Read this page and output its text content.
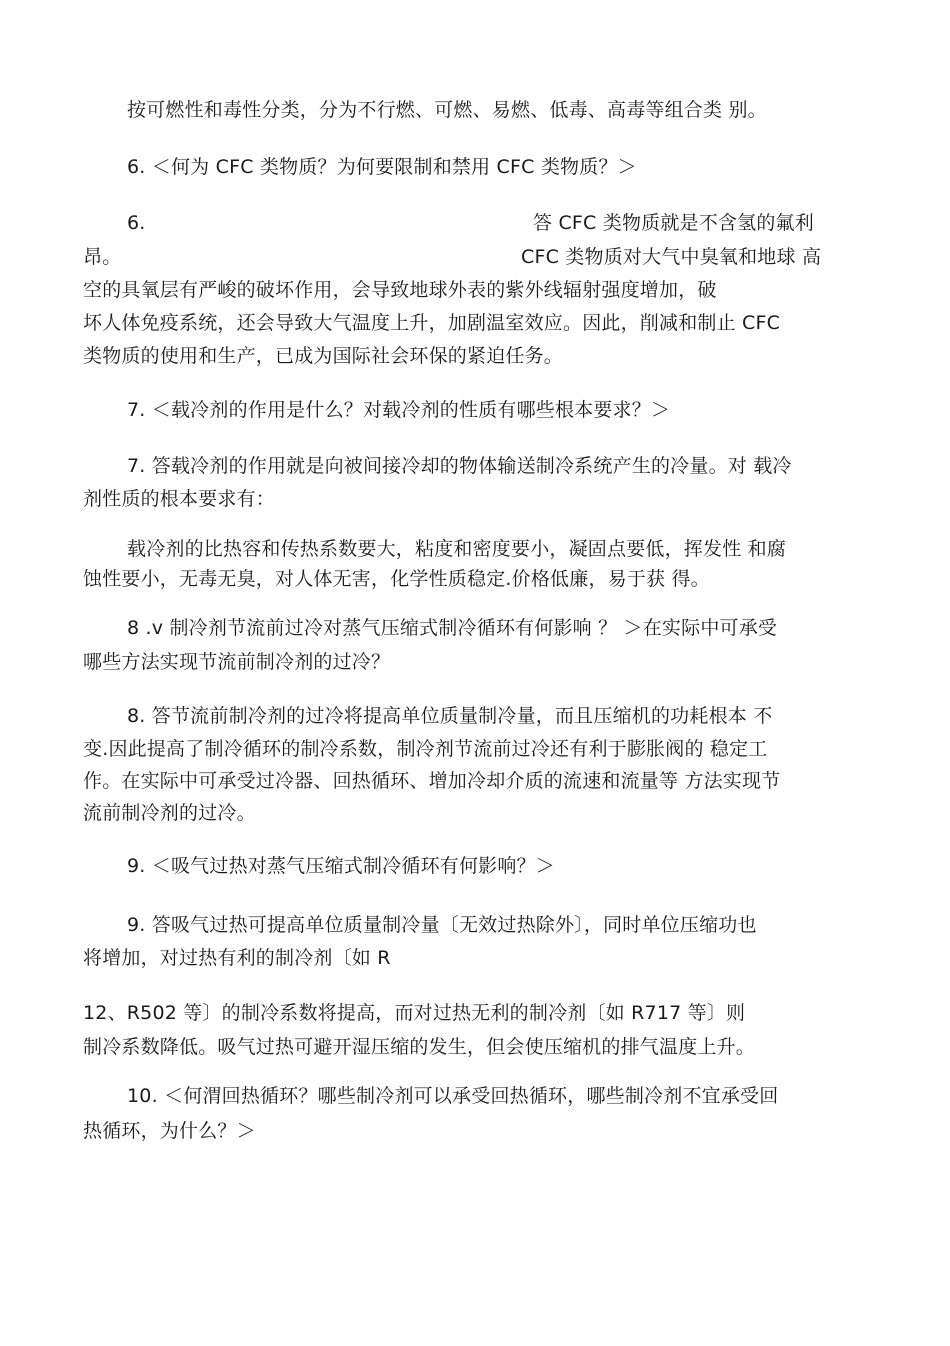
按可燃性和毒性分类，分为不行燃、可燃、易燃、低毒、高毒等组合类 别。
6. ＜何为 CFC 类物质？为何要限制和禁用 CFC 类物质？＞
6.	答 CFC 类物质就是不含氢的氟利
昂。	CFC 类物质对大气中臭氧和地球 高
空的具氧层有严峻的破坏作用，会导致地球外表的紫外线辐射强度增加，破
坏人体免疫系统，还会导致大气温度上升，加剧温室效应。因此，削减和制止 CFC
类物质的使用和生产，已成为国际社会环保的紧迫任务。
7. ＜载冷剂的作用是什么？对载冷剂的性质有哪些根本要求？＞
7. 答载冷剂的作用就是向被间接冷却的物体输送制冷系统产生的冷量。对 载冷
剂性质的根本要求有：
载冷剂的比热容和传热系数要大，粘度和密度要小，凝固点要低，挥发性 和腐
蚀性要小，无毒无臭，对人体无害，化学性质稳定.价格低廉，易于获 得。
8 .v 制冷剂节流前过冷对蒸气压缩式制冷循环有何影响 ？ ＞在实际中可承受
哪些方法实现节流前制冷剂的过冷？
8. 答节流前制冷剂的过冷将提高单位质量制冷量，而且压缩机的功耗根本 不
变.因此提高了制冷循环的制冷系数，制冷剂节流前过冷还有利于膨胀阀的 稳定工
作。在实际中可承受过冷器、回热循环、增加冷却介质的流速和流量等 方法实现节
流前制冷剂的过冷。
9. ＜吸气过热对蒸气压缩式制冷循环有何影响？＞
9. 答吸气过热可提高单位质量制冷量〔无效过热除外〕，同时单位压缩功也
将增加，对过热有利的制冷剂〔如 R
12、R502 等〕的制冷系数将提高，而对过热无利的制冷剂〔如 R717 等〕则
制冷系数降低。吸气过热可避开湿压缩的发生，但会使压缩机的排气温度上升。
10. ＜何渭回热循环？哪些制冷剂可以承受回热循环，哪些制冷剂不宜承受回
热循环，为什么？＞
